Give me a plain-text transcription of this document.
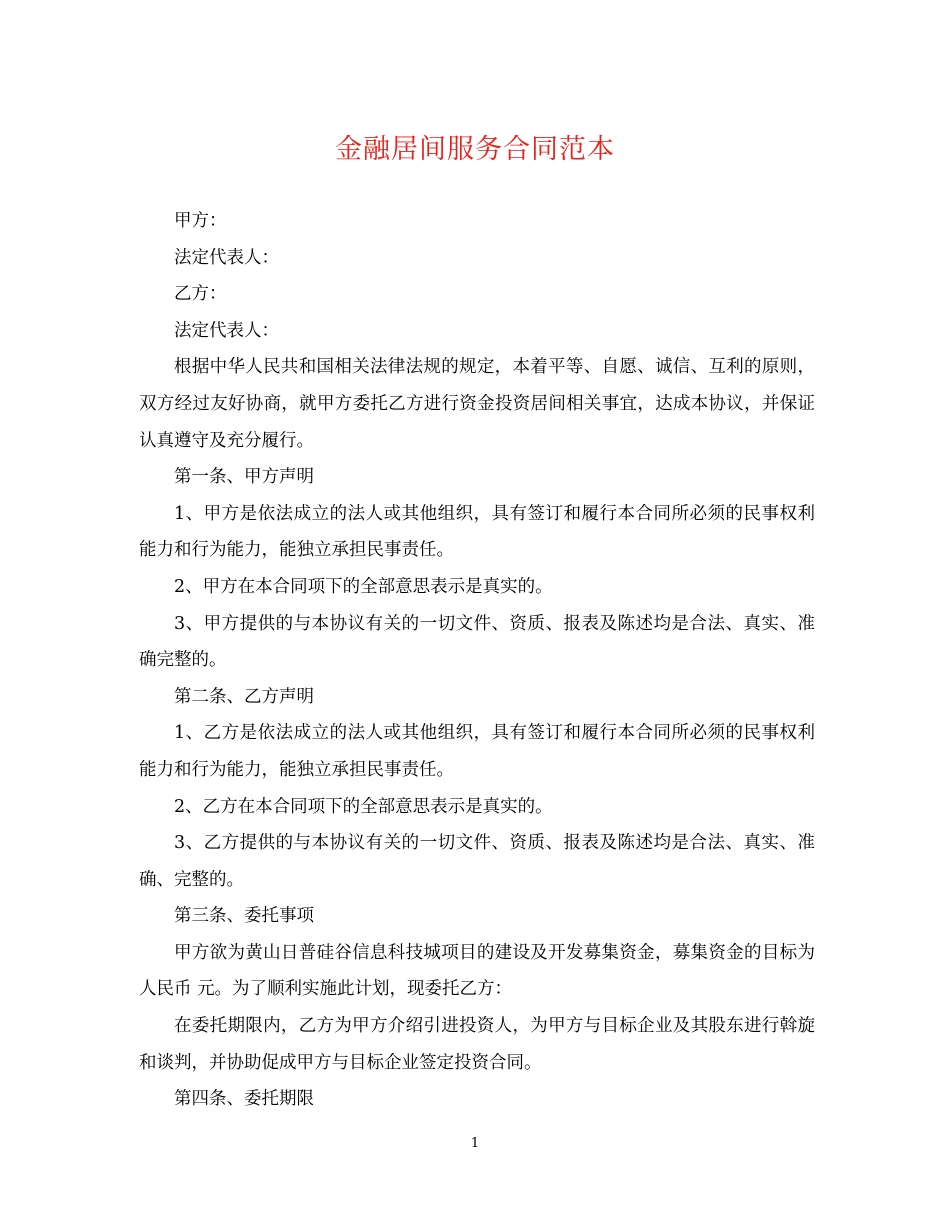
金融居间服务合同范本

甲方：

法定代表人：

乙方：

法定代表人：

根据中华人民共和国相关法律法规的规定，本着平等、自愿、诚信、互利的原则，双方经过友好协商，就甲方委托乙方进行资金投资居间相关事宜，达成本协议，并保证认真遵守及充分履行。

第一条、甲方声明

1、甲方是依法成立的法人或其他组织，具有签订和履行本合同所必须的民事权利能力和行为能力，能独立承担民事责任。

2、甲方在本合同项下的全部意思表示是真实的。

3、甲方提供的与本协议有关的一切文件、资质、报表及陈述均是合法、真实、准确完整的。

第二条、乙方声明

1、乙方是依法成立的法人或其他组织，具有签订和履行本合同所必须的民事权利能力和行为能力，能独立承担民事责任。

2、乙方在本合同项下的全部意思表示是真实的。

3、乙方提供的与本协议有关的一切文件、资质、报表及陈述均是合法、真实、准确、完整的。

第三条、委托事项

甲方欲为黄山日普硅谷信息科技城项目的建设及开发募集资金，募集资金的目标为人民币 元。为了顺利实施此计划，现委托乙方：

在委托期限内，乙方为甲方介绍引进投资人，为甲方与目标企业及其股东进行斡旋和谈判，并协助促成甲方与目标企业签定投资合同。

第四条、委托期限

1
